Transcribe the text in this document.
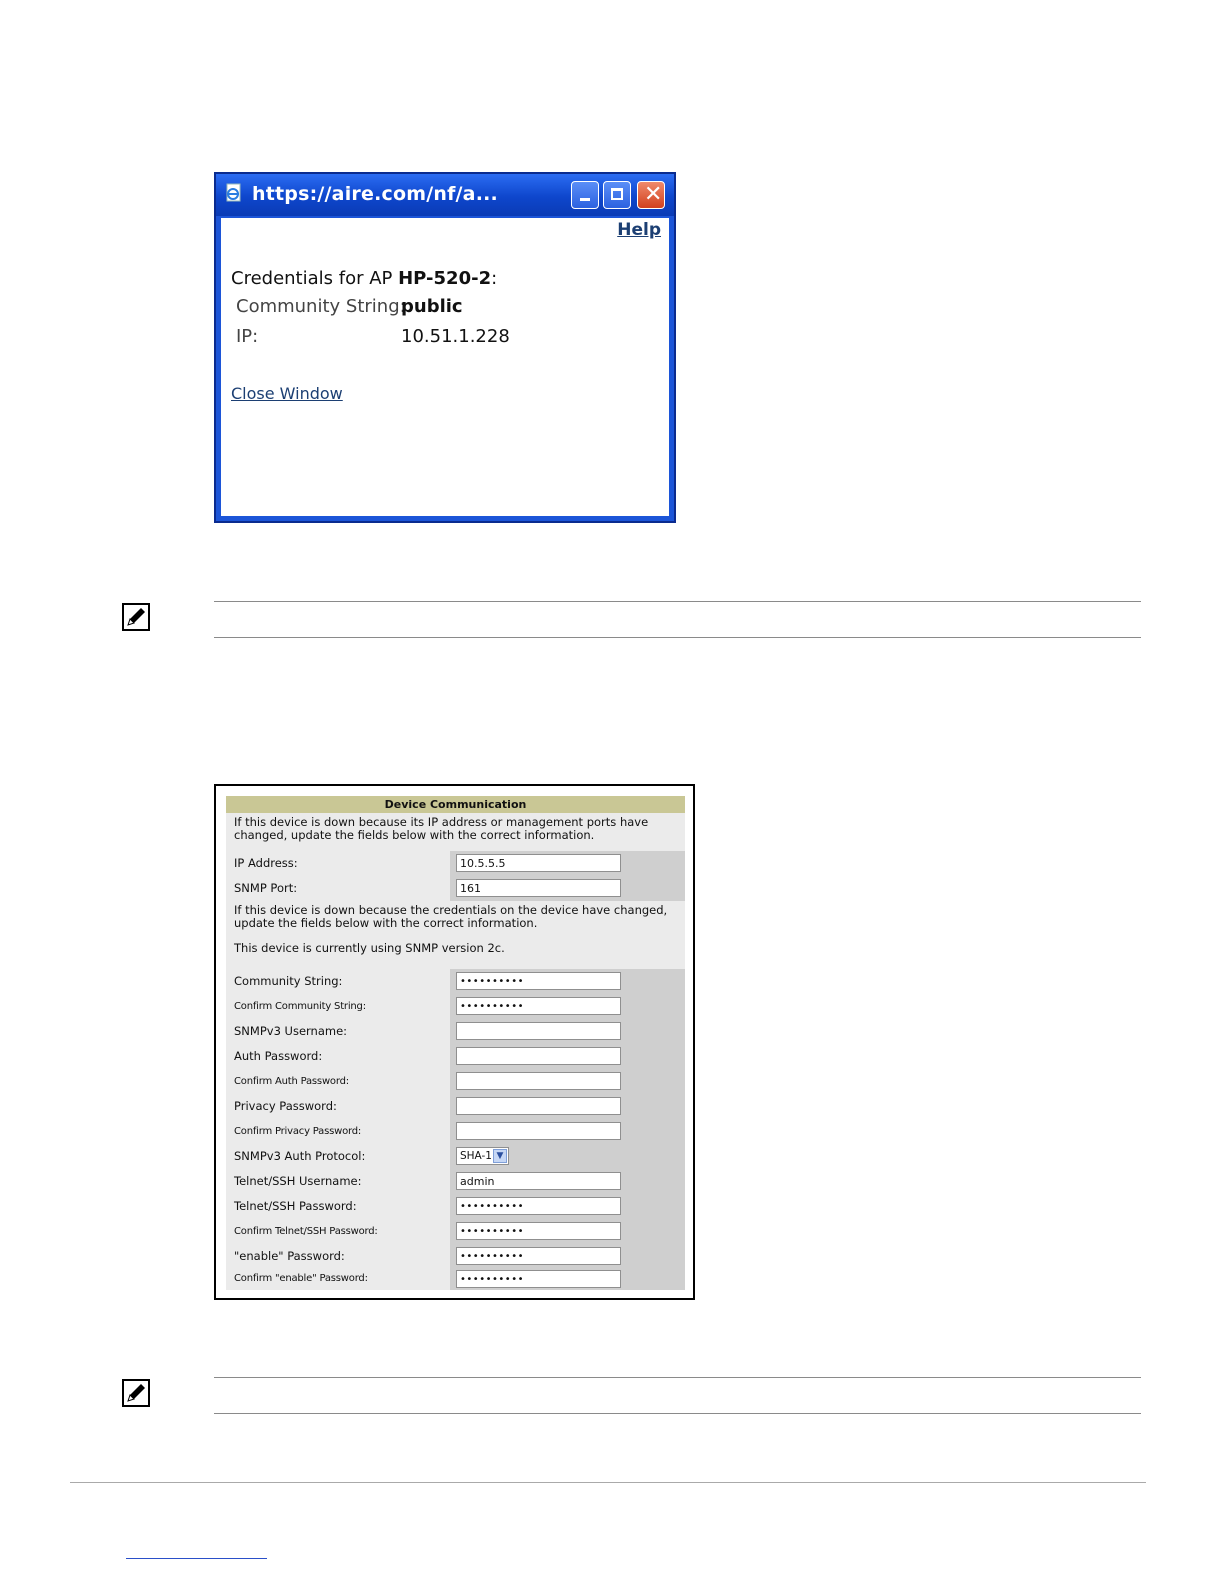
https://aire.com/nf/a...	✕
Help
Credentials for AP HP-520-2:
Community String:
public
IP:	10.51.1.228
Close Window
Device Communication
If this device is down because its IP address or management ports have changed, update the fields below with the correct information.
IP Address:
10.5.5.5
SNMP Port:
161
If this device is down because the credentials on the device have changed, update the fields below with the correct information.
This device is currently using SNMP version 2c.
Community String:
••••••••••
Confirm Community String:
••••••••••
SNMPv3 Username:
Auth Password:
Confirm Auth Password:
Privacy Password:
Confirm Privacy Password:
SNMPv3 Auth Protocol:	SHA-1 ▼
Telnet/SSH Username:
admin
Telnet/SSH Password:
••••••••••
Confirm Telnet/SSH Password:
••••••••••
"enable" Password:
••••••••••
Confirm "enable" Password:
••••••••••
